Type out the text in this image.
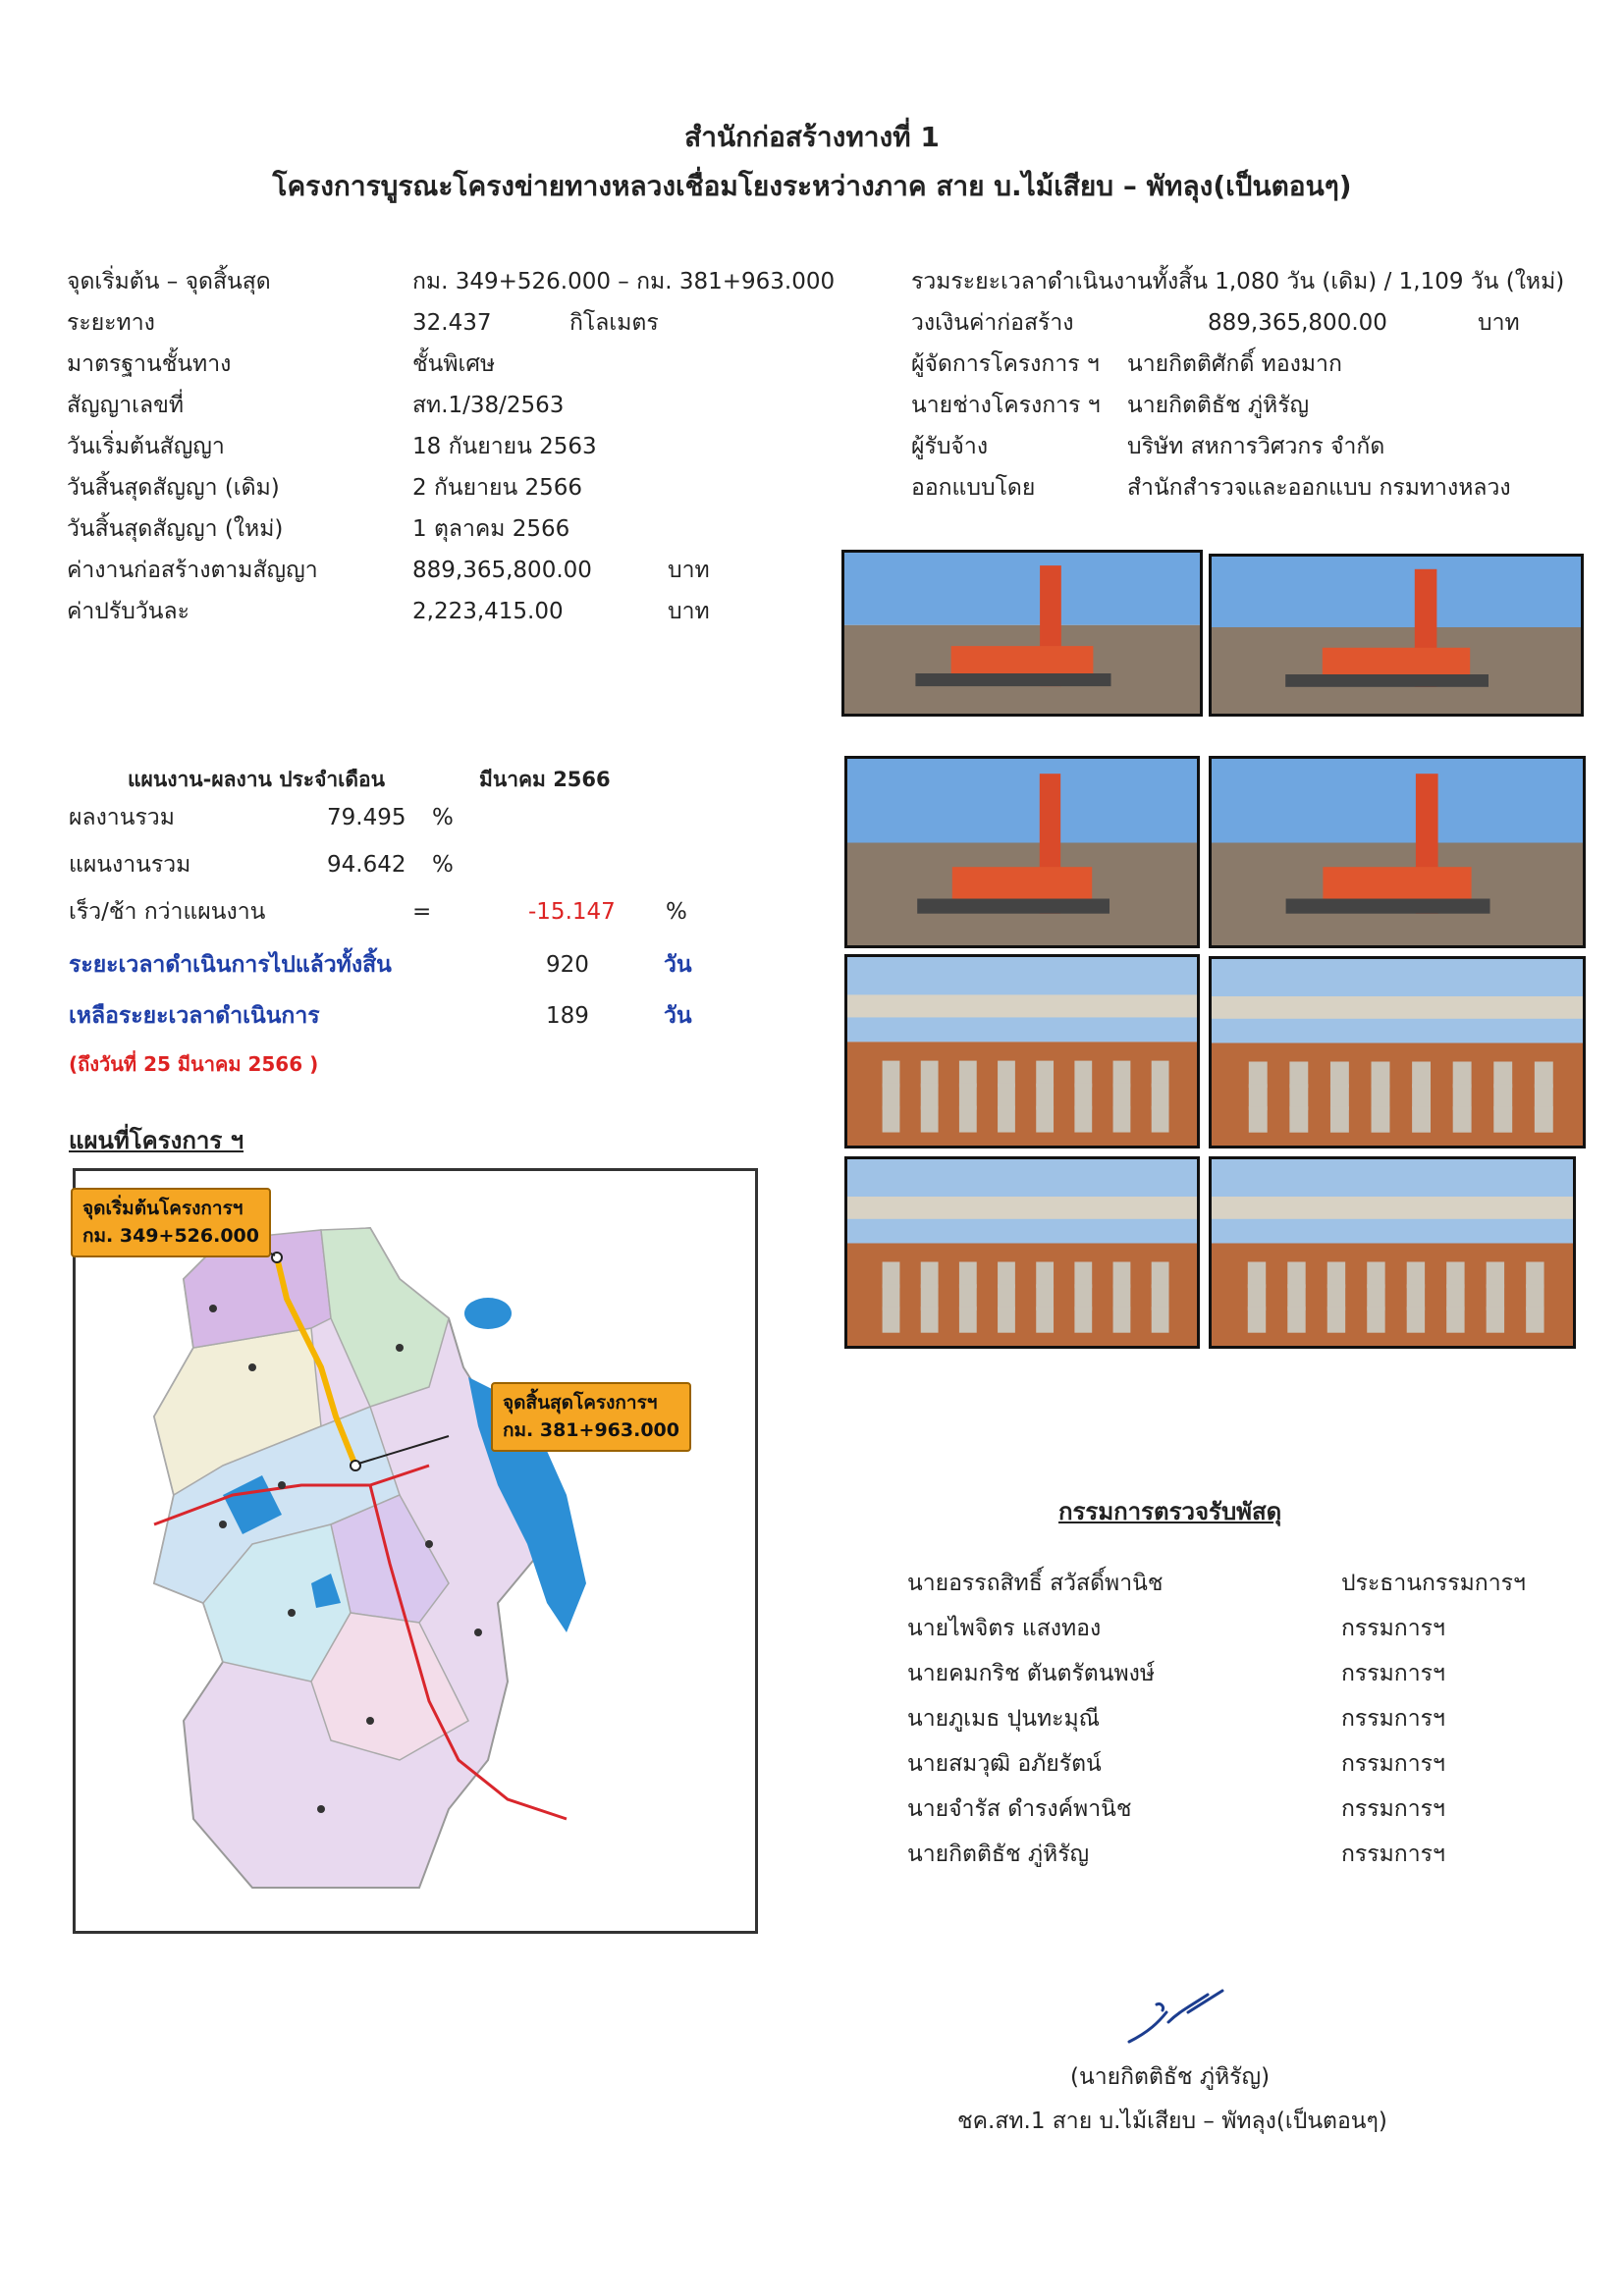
สำนักก่อสร้างทางที่ 1
โครงการบูรณะโครงข่ายทางหลวงเชื่อมโยงระหว่างภาค สาย บ.ไม้เสียบ – พัทลุง(เป็นตอนๆ)
จุดเริ่มต้น – จุดสิ้นสุด	กม. 349+526.000 – กม. 381+963.000
ระยะทาง	32.437	กิโลเมตร
มาตรฐานชั้นทาง	ชั้นพิเศษ
สัญญาเลขที่	สท.1/38/2563
วันเริ่มต้นสัญญา	18 กันยายน 2563
วันสิ้นสุดสัญญา (เดิม)	2 กันยายน 2566
วันสิ้นสุดสัญญา (ใหม่)	1 ตุลาคม 2566
ค่างานก่อสร้างตามสัญญา	889,365,800.00	บาท
ค่าปรับวันละ	2,223,415.00	บาท
รวมระยะเวลาดำเนินงานทั้งสิ้น 1,080 วัน (เดิม) / 1,109 วัน (ใหม่)
วงเงินค่าก่อสร้าง	889,365,800.00	บาท
ผู้จัดการโครงการ ฯ นายกิตติศักดิ์ ทองมาก
นายช่างโครงการ ฯ นายกิตติธัช ภู่หิรัญ
ผู้รับจ้าง	บริษัท สหการวิศวกร จำกัด
ออกแบบโดย	สำนักสำรวจและออกแบบ กรมทางหลวง
แผนงาน-ผลงาน ประจำเดือน	มีนาคม 2566
ผลงานรวม	79.495 %
แผนงานรวม	94.642 %
เร็ว/ช้า กว่าแผนงาน	=	-15.147 %
ระยะเวลาดำเนินการไปแล้วทั้งสิ้น	920	วัน
เหลือระยะเวลาดำเนินการ	189	วัน
(ถึงวันที่ 25 มีนาคม 2566 )
แผนที่โครงการ ฯ
จุดเริ่มต้นโครงการฯ
กม. 349+526.000
จุดสิ้นสุดโครงการฯ
กม. 381+963.000
กรรมการตรวจรับพัสดุ
นายอรรถสิทธิ์ สวัสดิ์พานิช	ประธานกรรมการฯ
นายไพจิตร แสงทอง	กรรมการฯ
นายคมกริช ตันตรัตนพงษ์	กรรมการฯ
นายภูเมธ ปุนทะมุณี	กรรมการฯ
นายสมวุฒิ อภัยรัตน์	กรรมการฯ
นายจำรัส ดำรงค์พานิช	กรรมการฯ
นายกิตติธัช ภู่หิรัญ	กรรมการฯ
(นายกิตติธัช ภู่หิรัญ)
ชค.สท.1 สาย บ.ไม้เสียบ – พัทลุง(เป็นตอนๆ)
